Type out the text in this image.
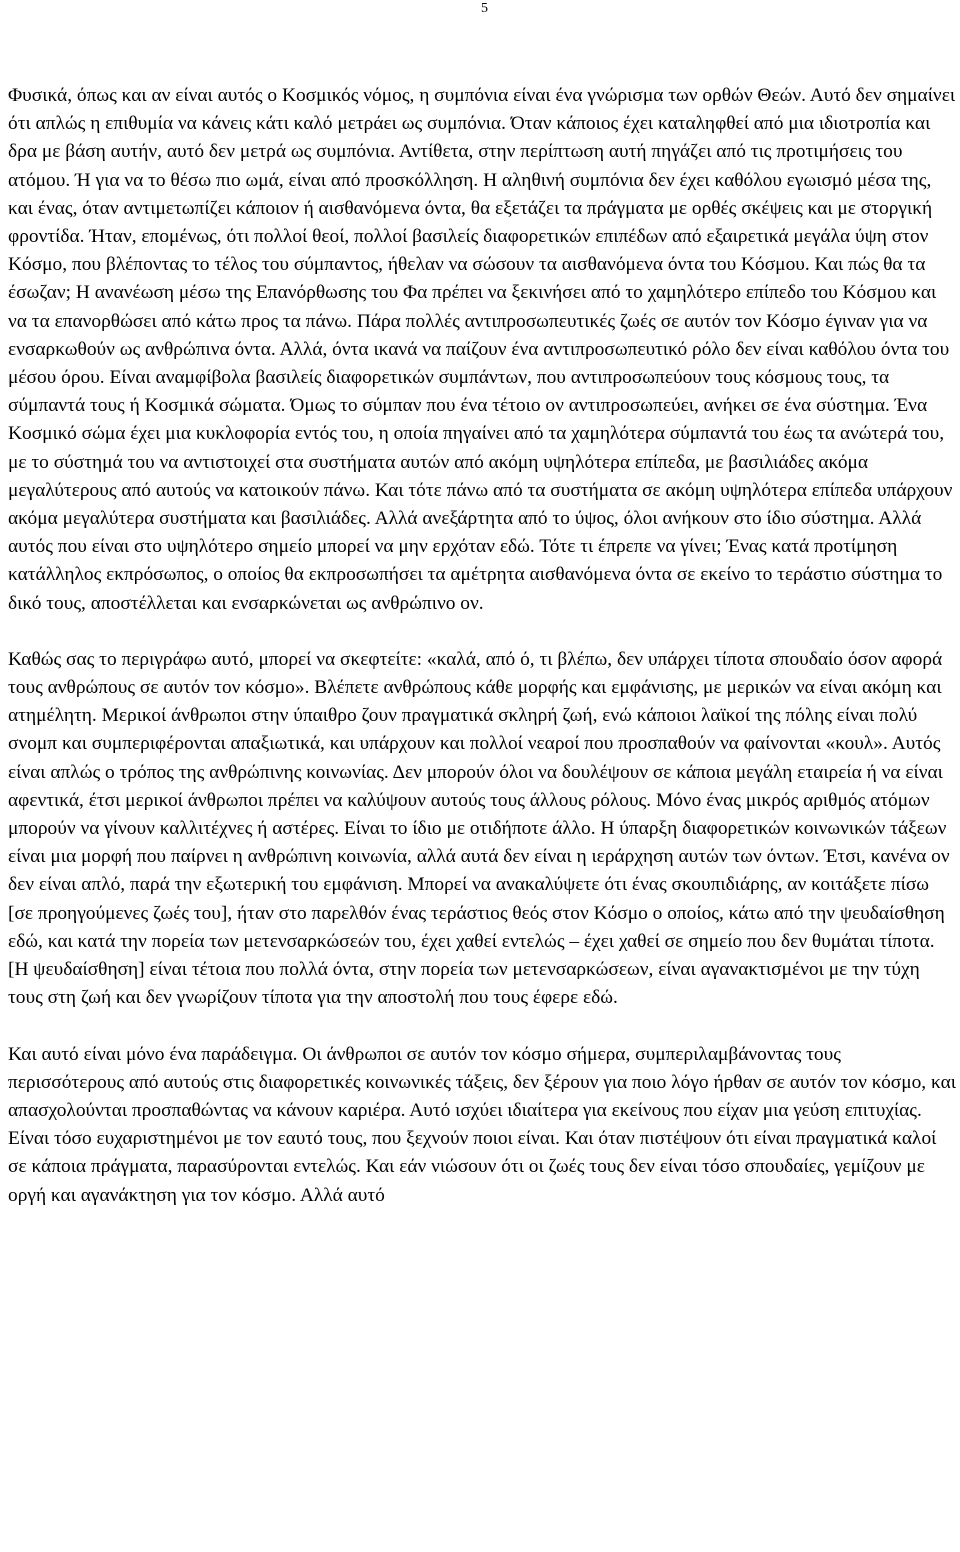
5

Φυσικά, όπως και αν είναι αυτός ο Κοσμικός νόμος, η συμπόνια είναι ένα γνώρισμα των ορθών Θεών. Αυτό δεν σημαίνει ότι απλώς η επιθυμία να κάνεις κάτι καλό μετράει ως συμπόνια. Όταν κάποιος έχει καταληφθεί από μια ιδιοτροπία και δρα με βάση αυτήν, αυτό δεν μετρά ως συμπόνια. Αντίθετα, στην περίπτωση αυτή πηγάζει από τις προτιμήσεις του ατόμου. Ή για να το θέσω πιο ωμά, είναι από προσκόλληση. Η αληθινή συμπόνια δεν έχει καθόλου εγωισμό μέσα της, και ένας, όταν αντιμετωπίζει κάποιον ή αισθανόμενα όντα, θα εξετάζει τα πράγματα με ορθές σκέψεις και με στοργική φροντίδα. Ήταν, επομένως, ότι πολλοί θεοί, πολλοί βασιλείς διαφορετικών επιπέδων από εξαιρετικά μεγάλα ύψη στον Κόσμο, που βλέποντας το τέλος του σύμπαντος, ήθελαν να σώσουν τα αισθανόμενα όντα του Κόσμου. Και πώς θα τα έσωζαν; Η ανανέωση μέσω της Επανόρθωσης του Φα πρέπει να ξεκινήσει από το χαμηλότερο επίπεδο του Κόσμου και να τα επανορθώσει από κάτω προς τα πάνω. Πάρα πολλές αντιπροσωπευτικές ζωές σε αυτόν τον Κόσμο έγιναν για να ενσαρκωθούν ως ανθρώπινα όντα. Αλλά, όντα ικανά να παίζουν ένα αντιπροσωπευτικό ρόλο δεν είναι καθόλου όντα του μέσου όρου. Είναι αναμφίβολα βασιλείς διαφορετικών συμπάντων, που αντιπροσωπεύουν τους κόσμους τους, τα σύμπαντά τους ή Κοσμικά σώματα. Όμως το σύμπαν που ένα τέτοιο ον αντιπροσωπεύει, ανήκει σε ένα σύστημα. Ένα Κοσμικό σώμα έχει μια κυκλοφορία εντός του, η οποία πηγαίνει από τα χαμηλότερα σύμπαντά του έως τα ανώτερά του, με το σύστημά του να αντιστοιχεί στα συστήματα αυτών από ακόμη υψηλότερα επίπεδα, με βασιλιάδες ακόμα μεγαλύτερους από αυτούς να κατοικούν πάνω. Και τότε πάνω από τα συστήματα σε ακόμη υψηλότερα επίπεδα υπάρχουν ακόμα μεγαλύτερα συστήματα και βασιλιάδες. Αλλά ανεξάρτητα από το ύψος, όλοι ανήκουν στο ίδιο σύστημα. Αλλά αυτός που είναι στο υψηλότερο σημείο μπορεί να μην ερχόταν εδώ. Τότε τι έπρεπε να γίνει; Ένας κατά προτίμηση κατάλληλος εκπρόσωπος, ο οποίος θα εκπροσωπήσει τα αμέτρητα αισθανόμενα όντα σε εκείνο το τεράστιο σύστημα το δικό τους, αποστέλλεται και ενσαρκώνεται ως ανθρώπινο ον.

Καθώς σας το περιγράφω αυτό, μπορεί να σκεφτείτε: «καλά, από ό, τι βλέπω, δεν υπάρχει τίποτα σπουδαίο όσον αφορά τους ανθρώπους σε αυτόν τον κόσμο». Βλέπετε ανθρώπους κάθε μορφής και εμφάνισης, με μερικών να είναι ακόμη και ατημέλητη. Μερικοί άνθρωποι στην ύπαιθρο ζουν πραγματικά σκληρή ζωή, ενώ κάποιοι λαϊκοί της πόλης είναι πολύ σνομπ και συμπεριφέρονται απαξιωτικά, και υπάρχουν και πολλοί νεαροί που προσπαθούν να φαίνονται «κουλ». Αυτός είναι απλώς ο τρόπος της ανθρώπινης κοινωνίας. Δεν μπορούν όλοι να δουλέψουν σε κάποια μεγάλη εταιρεία ή να είναι αφεντικά, έτσι μερικοί άνθρωποι πρέπει να καλύψουν αυτούς τους άλλους ρόλους. Μόνο ένας μικρός αριθμός ατόμων μπορούν να γίνουν καλλιτέχνες ή αστέρες. Είναι το ίδιο με οτιδήποτε άλλο. Η ύπαρξη διαφορετικών κοινωνικών τάξεων είναι μια μορφή που παίρνει η ανθρώπινη κοινωνία, αλλά αυτά δεν είναι η ιεράρχηση αυτών των όντων. Έτσι, κανένα ον δεν είναι απλό, παρά την εξωτερική του εμφάνιση. Μπορεί να ανακαλύψετε ότι ένας σκουπιδιάρης, αν κοιτάξετε πίσω [σε προηγούμενες ζωές του], ήταν στο παρελθόν ένας τεράστιος θεός στον Κόσμο ο οποίος, κάτω από την ψευδαίσθηση εδώ, και κατά την πορεία των μετενσαρκώσεών του, έχει χαθεί εντελώς – έχει χαθεί σε σημείο που δεν θυμάται τίποτα. [Η ψευδαίσθηση] είναι τέτοια που πολλά όντα, στην πορεία των μετενσαρκώσεων, είναι αγανακτισμένοι με την τύχη τους στη ζωή και δεν γνωρίζουν τίποτα για την αποστολή που τους έφερε εδώ.

Και αυτό είναι μόνο ένα παράδειγμα. Οι άνθρωποι σε αυτόν τον κόσμο σήμερα, συμπεριλαμβάνοντας τους περισσότερους από αυτούς στις διαφορετικές κοινωνικές τάξεις, δεν ξέρουν για ποιο λόγο ήρθαν σε αυτόν τον κόσμο, και απασχολούνται προσπαθώντας να κάνουν καριέρα. Αυτό ισχύει ιδιαίτερα για εκείνους που είχαν μια γεύση επιτυχίας. Είναι τόσο ευχαριστημένοι με τον εαυτό τους, που ξεχνούν ποιοι είναι. Και όταν πιστέψουν ότι είναι πραγματικά καλοί σε κάποια πράγματα, παρασύρονται εντελώς. Και εάν νιώσουν ότι οι ζωές τους δεν είναι τόσο σπουδαίες, γεμίζουν με οργή και αγανάκτηση για τον κόσμο. Αλλά αυτό
